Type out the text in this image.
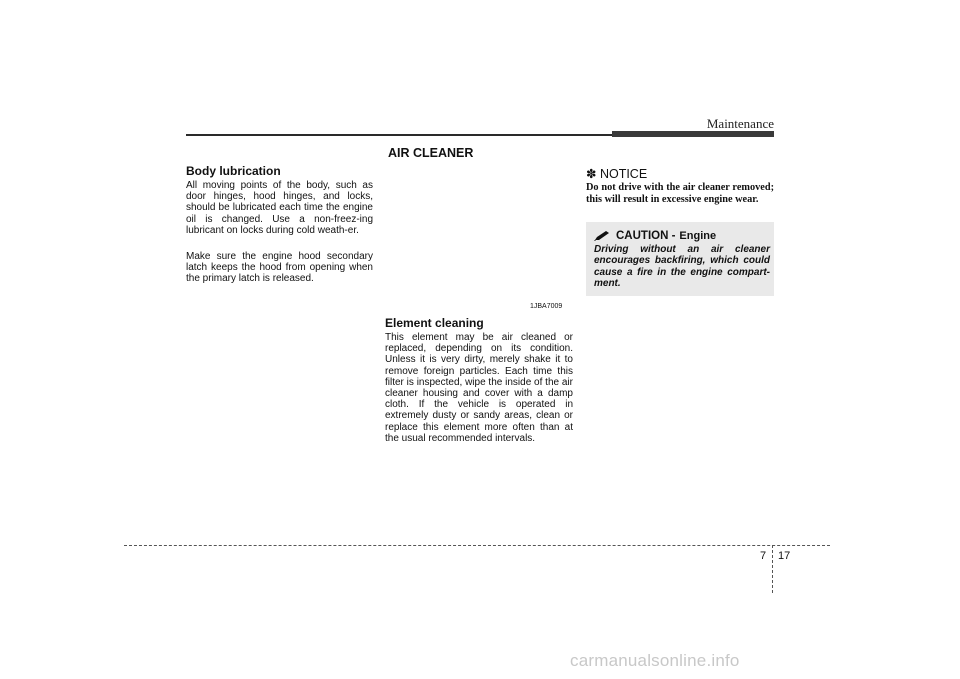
Maintenance
Body lubrication

All moving points of the body, such as door hinges, hood hinges, and locks, should be lubricated each time the engine oil is changed. Use a non-freez-ing lubricant on locks during cold weath-er.

Make sure the engine hood secondary latch keeps the hood from opening when the primary latch is released.

AIR CLEANER
1JBA7009
Element cleaning

This element may be air cleaned or replaced, depending on its condition. Unless it is very dirty, merely shake it to remove foreign particles. Each time this filter is inspected, wipe the inside of the air cleaner housing and cover with a damp cloth. If the vehicle is operated in extremely dusty or sandy areas, clean or replace this element more often than at the usual recommended intervals.

✽ NOTICE

Do not drive with the air cleaner removed; this will result in excessive engine wear.

CAUTION - Engine

Driving without an air cleaner encourages backfiring, which could cause a fire in the engine compart-ment.

7 17
carmanualsonline.info
